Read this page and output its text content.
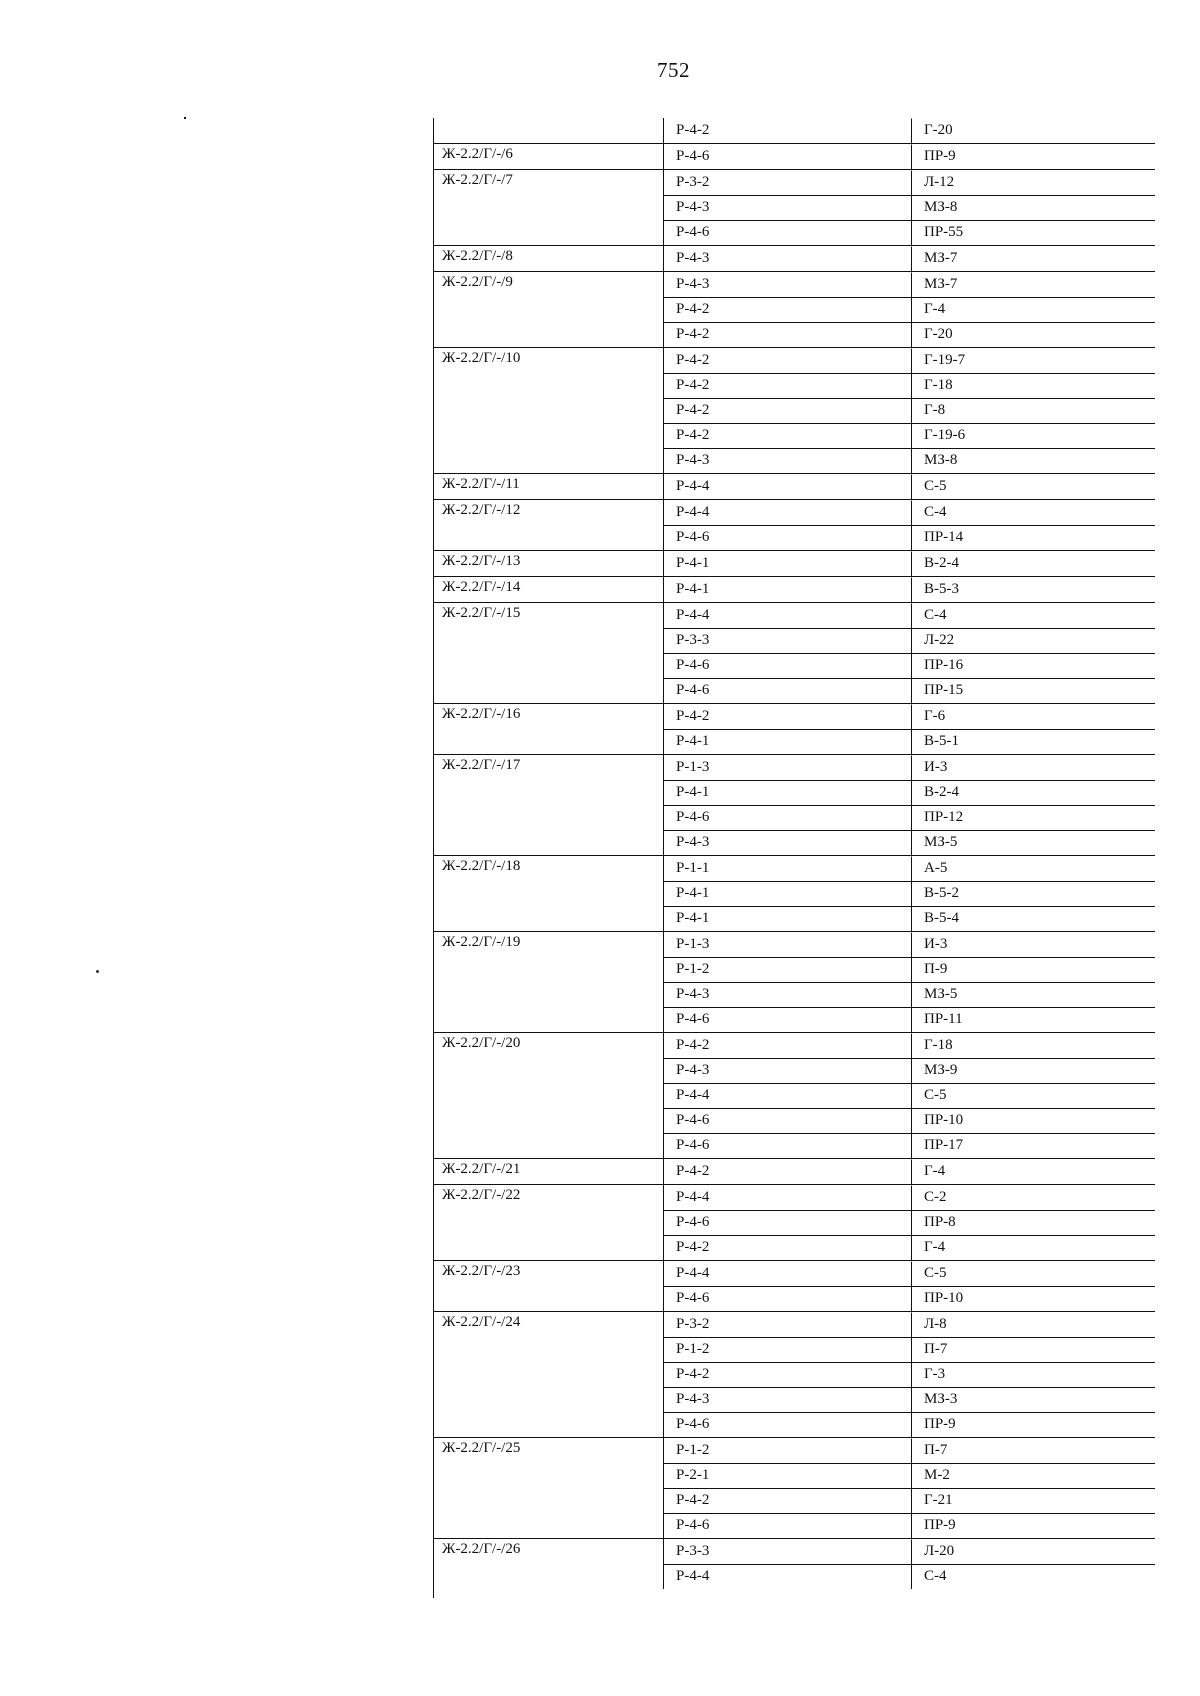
752
Р-4-2	Г-20
Ж-2.2/Г/-/6	Р-4-6	ПР-9
Ж-2.2/Г/-/7	Р-3-2	Л-12
Р-4-3	МЗ-8
Р-4-6	ПР-55
Ж-2.2/Г/-/8	Р-4-3	МЗ-7
Ж-2.2/Г/-/9	Р-4-3	МЗ-7
Р-4-2	Г-4
Р-4-2	Г-20
Ж-2.2/Г/-/10	Р-4-2	Г-19-7
Р-4-2	Г-18
Р-4-2	Г-8
Р-4-2	Г-19-6
Р-4-3	МЗ-8
Ж-2.2/Г/-/11	Р-4-4	С-5
Ж-2.2/Г/-/12	Р-4-4	С-4
Р-4-6	ПР-14
Ж-2.2/Г/-/13	Р-4-1	В-2-4
Ж-2.2/Г/-/14	Р-4-1	В-5-3
Ж-2.2/Г/-/15	Р-4-4	С-4
Р-3-3	Л-22
Р-4-6	ПР-16
Р-4-6	ПР-15
Ж-2.2/Г/-/16	Р-4-2	Г-6
Р-4-1	В-5-1
Ж-2.2/Г/-/17	Р-1-3	И-3
Р-4-1	В-2-4
Р-4-6	ПР-12
Р-4-3	МЗ-5
Ж-2.2/Г/-/18	Р-1-1	А-5
Р-4-1	В-5-2
Р-4-1	В-5-4
Ж-2.2/Г/-/19	Р-1-3	И-3
Р-1-2	П-9
Р-4-3	МЗ-5
Р-4-6	ПР-11
Ж-2.2/Г/-/20	Р-4-2	Г-18
Р-4-3	МЗ-9
Р-4-4	С-5
Р-4-6	ПР-10
Р-4-6	ПР-17
Ж-2.2/Г/-/21	Р-4-2	Г-4
Ж-2.2/Г/-/22	Р-4-4	С-2
Р-4-6	ПР-8
Р-4-2	Г-4
Ж-2.2/Г/-/23	Р-4-4	С-5
Р-4-6	ПР-10
Ж-2.2/Г/-/24	Р-3-2	Л-8
Р-1-2	П-7
Р-4-2	Г-3
Р-4-3	МЗ-3
Р-4-6	ПР-9
Ж-2.2/Г/-/25	Р-1-2	П-7
Р-2-1	М-2
Р-4-2	Г-21
Р-4-6	ПР-9
Ж-2.2/Г/-/26	Р-3-3	Л-20
Р-4-4	С-4
